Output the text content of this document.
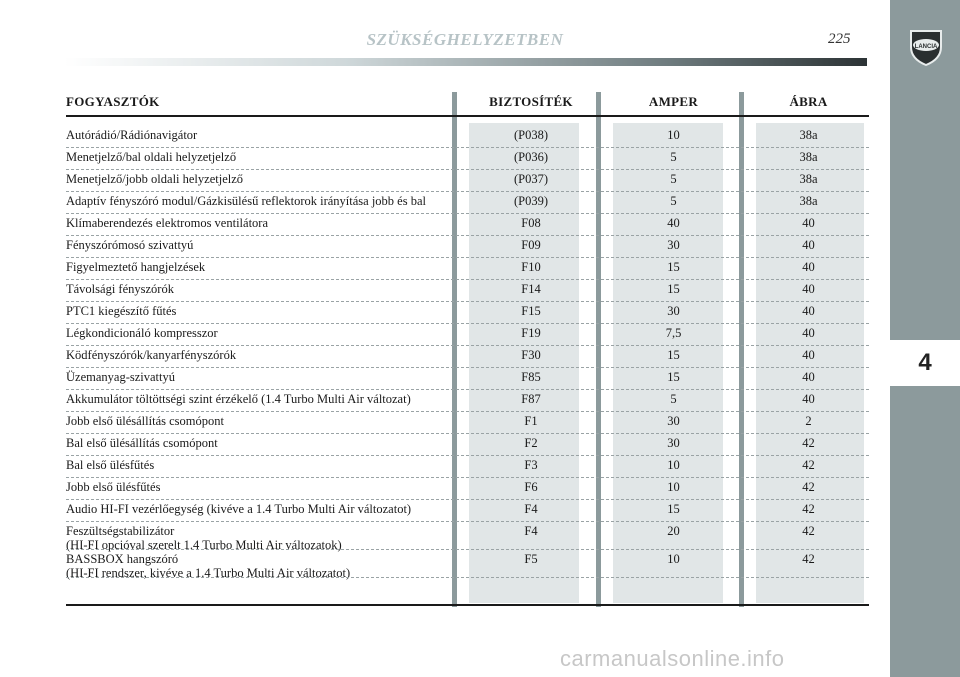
SZÜKSÉGHELYZETBEN	225	LANCIA
4
FOGYASZTÓK	BIZTOSÍTÉK	AMPER	ÁBRA
Autórádió/Rádiónavigátor	(P038)	10	38a
Menetjelző/bal oldali helyzetjelző	(P036)	5	38a
Menetjelző/jobb oldali helyzetjelző	(P037)	5	38a
Adaptív fényszóró modul/Gázkisülésű reflektorok irányítása jobb és bal	(P039)	5	38a
Klímaberendezés elektromos ventilátora	F08	40	40
Fényszórómosó szivattyú	F09	30	40
Figyelmeztető hangjelzések	F10	15	40
Távolsági fényszórók	F14	15	40
PTC1 kiegészítő fűtés	F15	30	40
Légkondicionáló kompresszor	F19	7,5	40
Ködfényszórók/kanyarfényszórók	F30	15	40
Üzemanyag-szivattyú	F85	15	40
Akkumulátor töltöttségi szint érzékelő (1.4 Turbo Multi Air változat)	F87	5	40
Jobb első ülésállítás csomópont	F1	30	2
Bal első ülésállítás csomópont	F2	30	42
Bal első ülésfűtés	F3	10	42
Jobb első ülésfűtés	F6	10	42
Audio HI-FI vezérlőegység (kivéve a 1.4 Turbo Multi Air változatot)	F4	15	42
Feszültségstabilizátor
(HI-FI opcióval szerelt 1.4 Turbo Multi Air változatok)
F4	20	42
BASSBOX hangszóró
(HI-FI rendszer, kivéve a 1.4 Turbo Multi Air változatot)
F5	10	42
carmanualsonline.info
